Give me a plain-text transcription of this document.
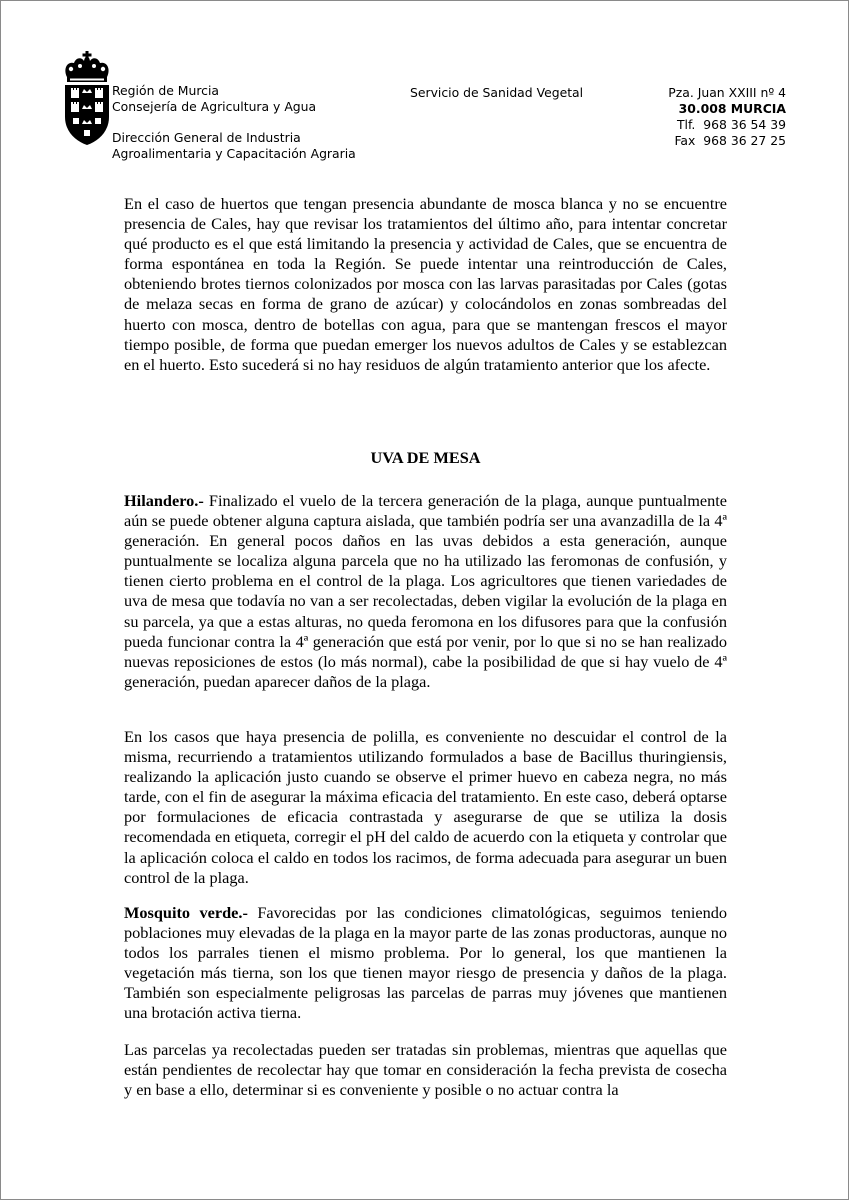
Región de Murcia
Consejería de Agricultura y Agua
Dirección General de Industria
Agroalimentaria y Capacitación Agraria
Servicio de Sanidad Vegetal	Pza. Juan XXIII nº 4
30.008 MURCIA
Tlf.  968 36 54 39
Fax  968 36 27 25

En el caso de huertos que tengan presencia abundante de mosca blanca y no se encuentre presencia de Cales, hay que revisar los tratamientos del último año, para intentar concretar qué producto es el que está limitando la presencia y actividad de Cales, que se encuentra de forma espontánea en toda la Región. Se puede intentar una reintroducción de Cales, obteniendo brotes tiernos colonizados por mosca con las larvas parasitadas por Cales (gotas de melaza secas en forma de grano de azúcar) y colocándolos en zonas sombreadas del huerto con mosca, dentro de botellas con agua, para que se mantengan frescos el mayor tiempo posible, de forma que puedan emerger los nuevos adultos de Cales y se establezcan en el huerto. Esto sucederá si no hay residuos de algún tratamiento anterior que los afecte.

UVA DE MESA

Hilandero.- Finalizado el vuelo de la tercera generación de la plaga, aunque puntualmente aún se puede obtener alguna captura aislada, que también podría ser una avanzadilla de la 4ª generación. En general pocos daños en las uvas debidos a esta generación, aunque puntualmente se localiza alguna parcela que no ha utilizado las feromonas de confusión, y tienen cierto problema en el control de la plaga. Los agricultores que tienen variedades de uva de mesa que todavía no van a ser recolectadas, deben vigilar la evolución de la plaga en su parcela, ya que a estas alturas, no queda feromona en los difusores para que la confusión pueda funcionar contra la 4ª generación que está por venir, por lo que si no se han realizado nuevas reposiciones de estos (lo más normal), cabe la posibilidad de que si hay vuelo de 4ª generación, puedan aparecer daños de la plaga.

En los casos que haya presencia de polilla, es conveniente no descuidar el control de la misma, recurriendo a tratamientos utilizando formulados a base de Bacillus thuringiensis, realizando la aplicación justo cuando se observe el primer huevo en cabeza negra, no más tarde, con el fin de asegurar la máxima eficacia del tratamiento. En este caso, deberá optarse por formulaciones de eficacia contrastada y asegurarse de que se utiliza la dosis recomendada en etiqueta, corregir el pH del caldo de acuerdo con la etiqueta y controlar que la aplicación coloca el caldo en todos los racimos, de forma adecuada para asegurar un buen control de la plaga.

Mosquito verde.- Favorecidas por las condiciones climatológicas, seguimos teniendo poblaciones muy elevadas de la plaga en la mayor parte de las zonas productoras, aunque no todos los parrales tienen el mismo problema. Por lo general, los que mantienen la vegetación más tierna, son los que tienen mayor riesgo de presencia y daños de la plaga. También son especialmente peligrosas las parcelas de parras muy jóvenes que mantienen una brotación activa tierna.

Las parcelas ya recolectadas pueden ser tratadas sin problemas, mientras que aquellas que están pendientes de recolectar hay que tomar en consideración la fecha prevista de cosecha y en base a ello, determinar si es conveniente y posible o no actuar contra la
